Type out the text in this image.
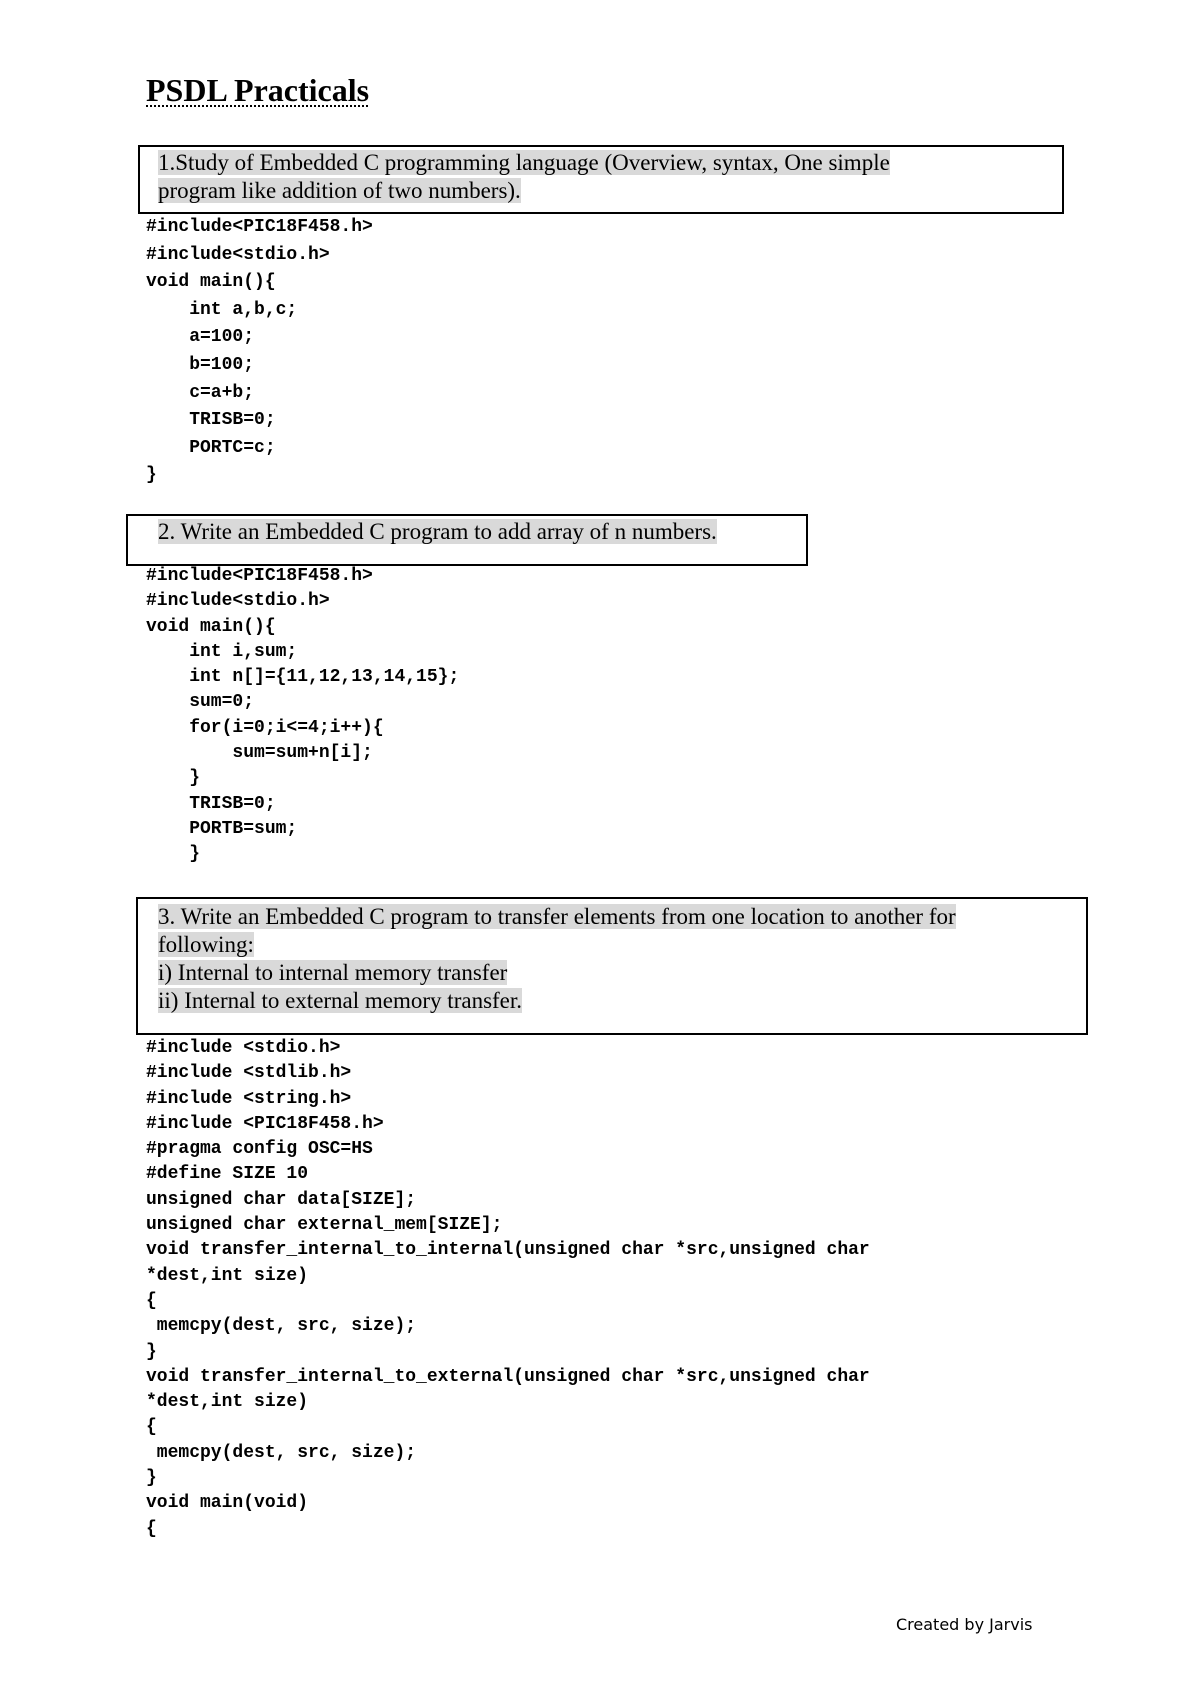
PSDL Practicals
1.Study of Embedded C programming language (Overview, syntax, One simple
program like addition of two numbers).
#include<PIC18F458.h>
#include<stdio.h>
void main(){
int a,b,c;
a=100;
b=100;
c=a+b;
TRISB=0;
PORTC=c;
}
2. Write an Embedded C program to add array of n numbers.
#include<PIC18F458.h>
#include<stdio.h>
void main(){
int i,sum;
int n[]={11,12,13,14,15};
sum=0;
for(i=0;i<=4;i++){
sum=sum+n[i];
}
TRISB=0;
PORTB=sum;
}
3. Write an Embedded C program to transfer elements from one location to another for
following:
i) Internal to internal memory transfer
ii) Internal to external memory transfer.
#include <stdio.h>
#include <stdlib.h>
#include <string.h>
#include <PIC18F458.h>
#pragma config OSC=HS
#define SIZE 10
unsigned char data[SIZE];
unsigned char external_mem[SIZE];
void transfer_internal_to_internal(unsigned char *src,unsigned char
*dest,int size)
{
memcpy(dest, src, size);
}
void transfer_internal_to_external(unsigned char *src,unsigned char
*dest,int size)
{
memcpy(dest, src, size);
}
void main(void)
{
Created by Jarvis
